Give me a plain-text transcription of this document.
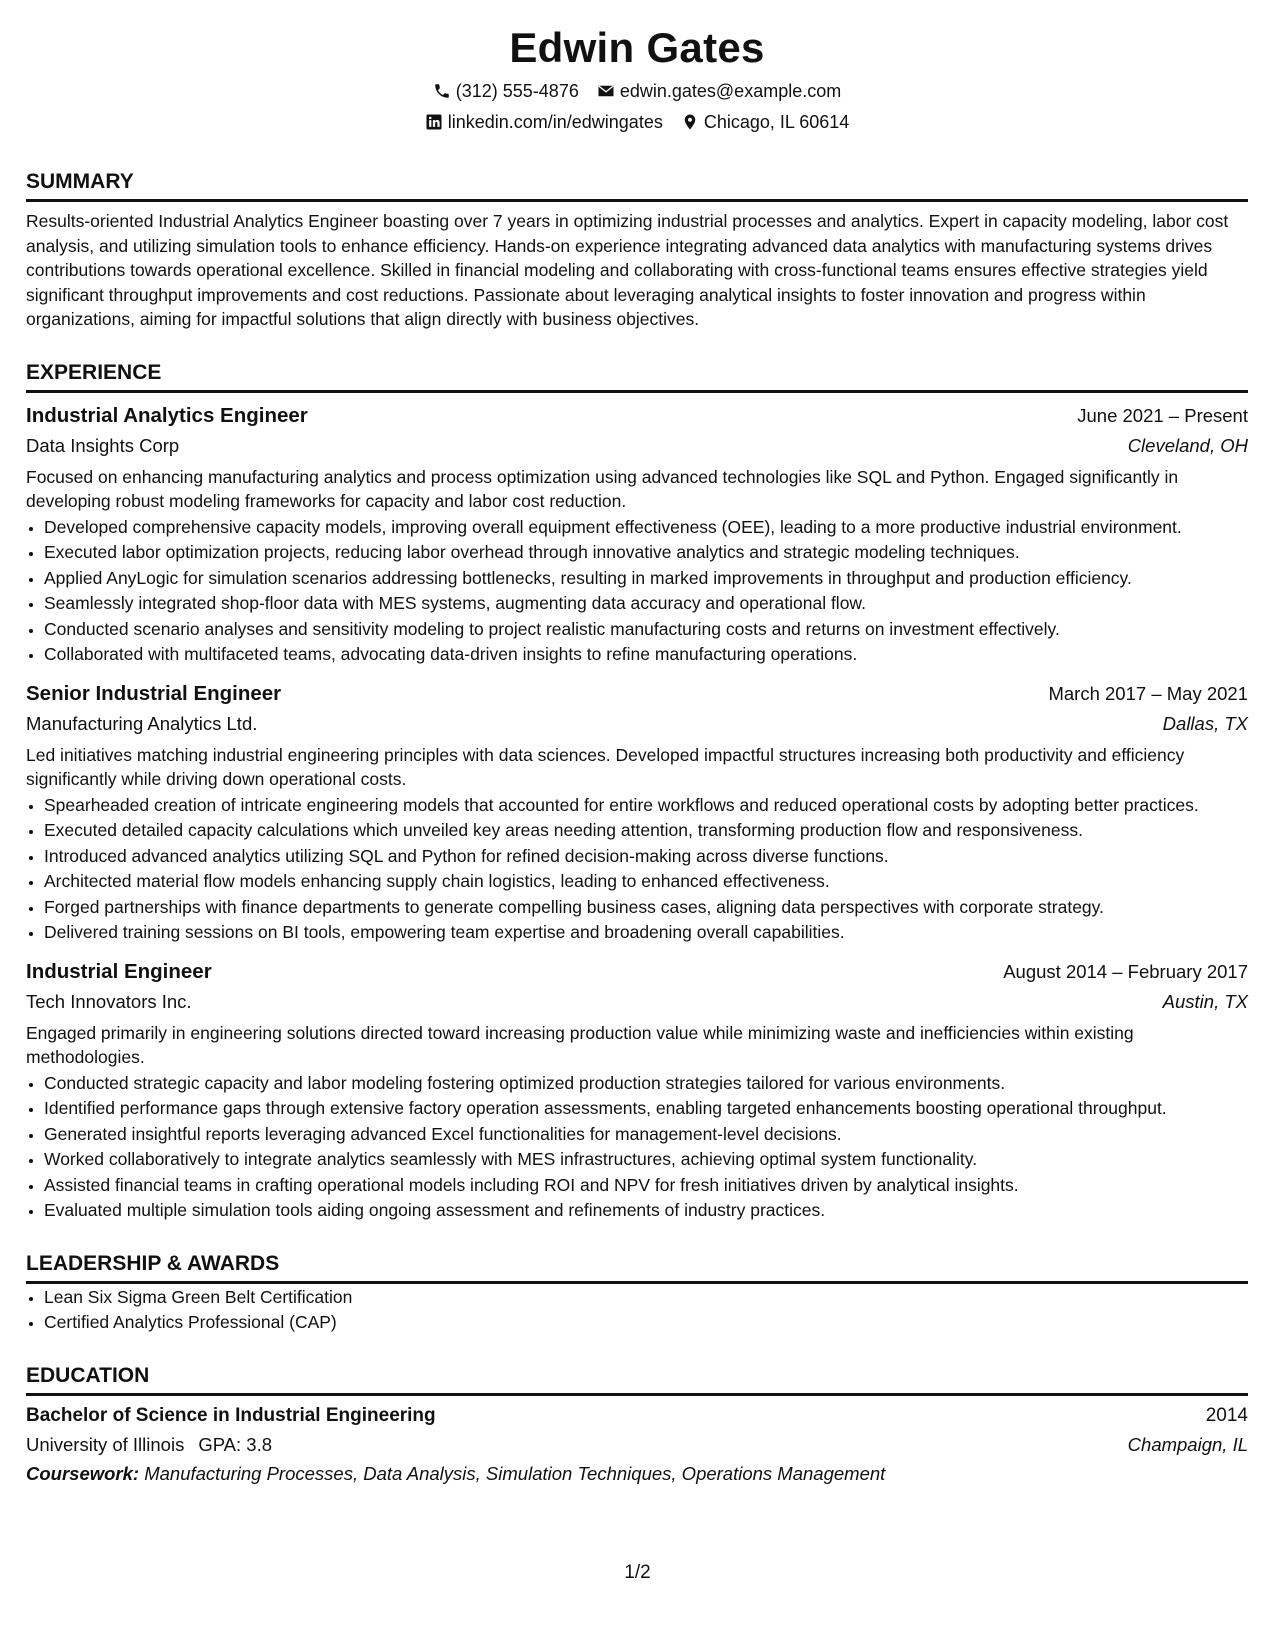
Edwin Gates
(312) 555-4876 edwin.gates@example.com
linkedin.com/in/edwingates Chicago, IL 60614
SUMMARY
Results-oriented Industrial Analytics Engineer boasting over 7 years in optimizing industrial processes and analytics. Expert in capacity modeling, labor cost analysis, and utilizing simulation tools to enhance efficiency. Hands-on experience integrating advanced data analytics with manufacturing systems drives contributions towards operational excellence. Skilled in financial modeling and collaborating with cross-functional teams ensures effective strategies yield significant throughput improvements and cost reductions. Passionate about leveraging analytical insights to foster innovation and progress within organizations, aiming for impactful solutions that align directly with business objectives.
EXPERIENCE
Industrial Analytics Engineer	June 2021 – Present
Data Insights Corp	Cleveland, OH
Focused on enhancing manufacturing analytics and process optimization using advanced technologies like SQL and Python. Engaged significantly in developing robust modeling frameworks for capacity and labor cost reduction.
• Developed comprehensive capacity models, improving overall equipment effectiveness (OEE), leading to a more productive industrial environment.
• Executed labor optimization projects, reducing labor overhead through innovative analytics and strategic modeling techniques.
• Applied AnyLogic for simulation scenarios addressing bottlenecks, resulting in marked improvements in throughput and production efficiency.
• Seamlessly integrated shop-floor data with MES systems, augmenting data accuracy and operational flow.
• Conducted scenario analyses and sensitivity modeling to project realistic manufacturing costs and returns on investment effectively.
• Collaborated with multifaceted teams, advocating data-driven insights to refine manufacturing operations.
Senior Industrial Engineer	March 2017 – May 2021
Manufacturing Analytics Ltd.	Dallas, TX
Led initiatives matching industrial engineering principles with data sciences. Developed impactful structures increasing both productivity and efficiency significantly while driving down operational costs.
• Spearheaded creation of intricate engineering models that accounted for entire workflows and reduced operational costs by adopting better practices.
• Executed detailed capacity calculations which unveiled key areas needing attention, transforming production flow and responsiveness.
• Introduced advanced analytics utilizing SQL and Python for refined decision-making across diverse functions.
• Architected material flow models enhancing supply chain logistics, leading to enhanced effectiveness.
• Forged partnerships with finance departments to generate compelling business cases, aligning data perspectives with corporate strategy.
• Delivered training sessions on BI tools, empowering team expertise and broadening overall capabilities.
Industrial Engineer	August 2014 – February 2017
Tech Innovators Inc.	Austin, TX
Engaged primarily in engineering solutions directed toward increasing production value while minimizing waste and inefficiencies within existing methodologies.
• Conducted strategic capacity and labor modeling fostering optimized production strategies tailored for various environments.
• Identified performance gaps through extensive factory operation assessments, enabling targeted enhancements boosting operational throughput.
• Generated insightful reports leveraging advanced Excel functionalities for management-level decisions.
• Worked collaboratively to integrate analytics seamlessly with MES infrastructures, achieving optimal system functionality.
• Assisted financial teams in crafting operational models including ROI and NPV for fresh initiatives driven by analytical insights.
• Evaluated multiple simulation tools aiding ongoing assessment and refinements of industry practices.
LEADERSHIP & AWARDS
• Lean Six Sigma Green Belt Certification
• Certified Analytics Professional (CAP)
EDUCATION
Bachelor of Science in Industrial Engineering	2014
University of Illinois GPA: 3.8	Champaign, IL
Coursework: Manufacturing Processes, Data Analysis, Simulation Techniques, Operations Management
1/2
